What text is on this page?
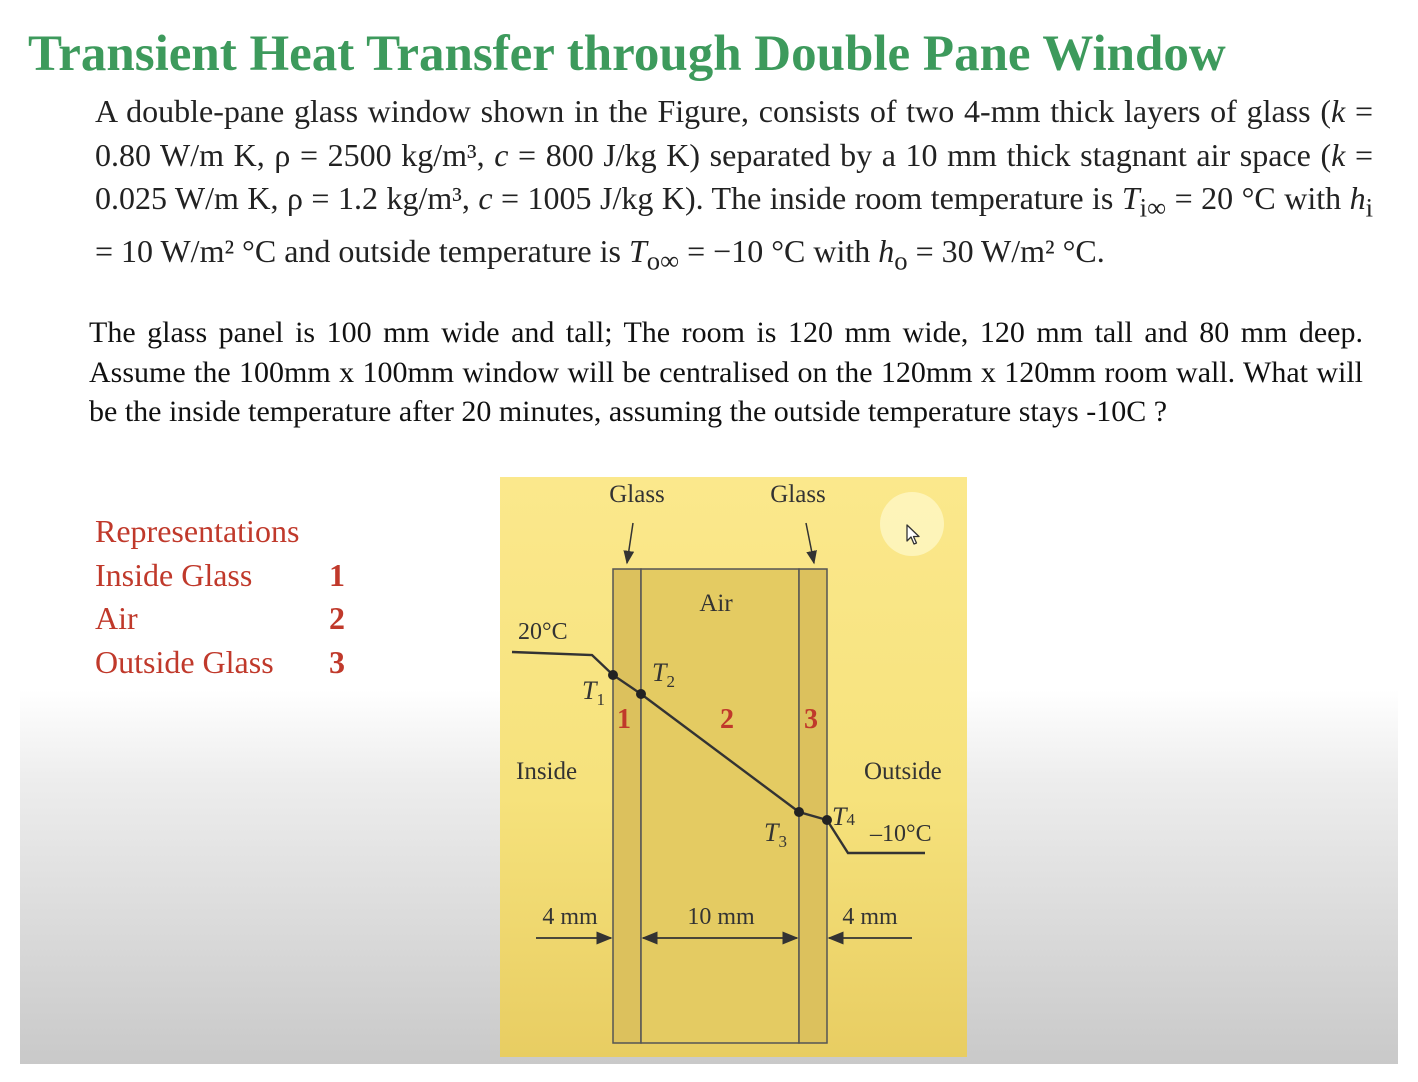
Transient Heat Transfer through Double Pane Window
A double-pane glass window shown in the Figure, consists of two 4-mm thick layers of glass (k = 0.80 W/m K, ρ = 2500 kg/m³, c = 800 J/kg K) separated by a 10 mm thick stagnant air space (k = 0.025 W/m K, ρ = 1.2 kg/m³, c = 1005 J/kg K). The inside room temperature is $T_{i\infty} = 20$ °C with $h_i = 10$ W/m² °C and outside temperature is $T_{o\infty} = -10$ °C with $h_o = 30$ W/m² °C.
The glass panel is 100 mm wide and tall; The room is 120 mm wide, 120 mm tall and 80 mm deep. Assume the 100mm x 100mm window will be centralised on the 120mm x 120mm room wall. What will be the inside temperature after 20 minutes, assuming the outside temperature stays -10C ?
Representations
Inside Glass 1
Air	2
Outside Glass 3
Glass	Glass
Air
20°C
Inside	Outside
–10°C
$T_1$
$T_2$
$T_3$
T4
1	2	3
4 mm	10 mm	4 mm
